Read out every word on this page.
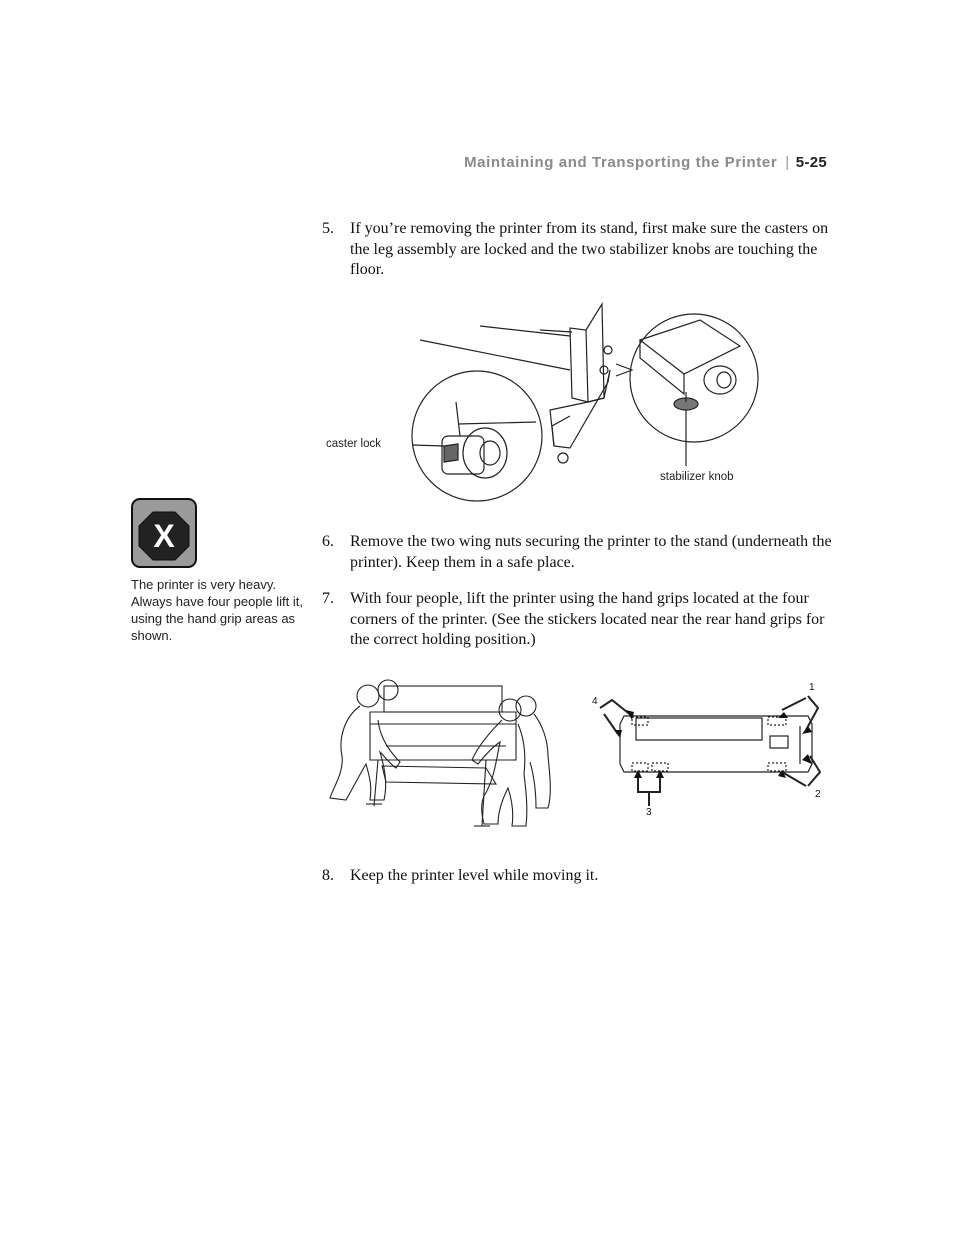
Maintaining and Transporting the Printer | 5-25
5. If you’re removing the printer from its stand, first make sure the casters on the leg assembly are locked and the two stabilizer knobs are touching the floor.
caster lock
stabilizer knob
X
The printer is very heavy. Always have four people lift it, using the hand grip areas as shown.
6. Remove the two wing nuts securing the printer to the stand (underneath the printer). Keep them in a safe place.
7. With four people, lift the printer using the hand grips located at the four corners of the printer. (See the stickers located near the rear hand grips for the correct holding position.)
1
2
3
4
8. Keep the printer level while moving it.
